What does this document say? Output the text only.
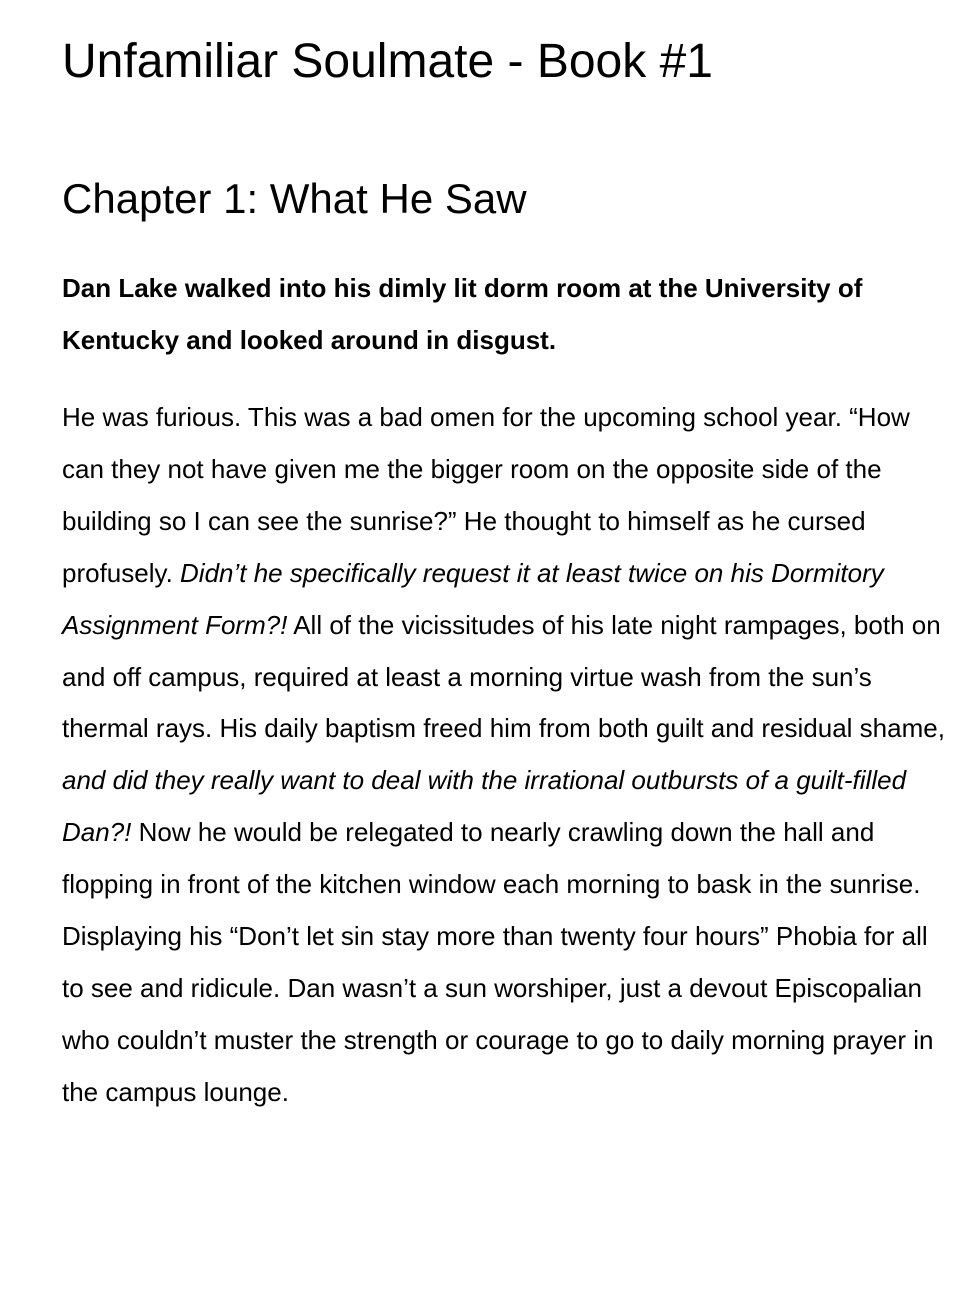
Unfamiliar Soulmate - Book #1
Chapter 1: What He Saw

Dan Lake walked into his dimly lit dorm room at the University of Kentucky and looked around in disgust.

He was furious. This was a bad omen for the upcoming school year. “How can they not have given me the bigger room on the opposite side of the building so I can see the sunrise?” He thought to himself as he cursed profusely. Didn’t he specifically request it at least twice on his Dormitory Assignment Form?! All of the vicissitudes of his late night rampages, both on and off campus, required at least a morning virtue wash from the sun’s thermal rays. His daily baptism freed him from both guilt and residual shame, and did they really want to deal with the irrational outbursts of a guilt-filled Dan?! Now he would be relegated to nearly crawling down the hall and flopping in front of the kitchen window each morning to bask in the sunrise. Displaying his “Don’t let sin stay more than twenty four hours” Phobia for all to see and ridicule. Dan wasn’t a sun worshiper, just a devout Episcopalian who couldn’t muster the strength or courage to go to daily morning prayer in the campus lounge.
